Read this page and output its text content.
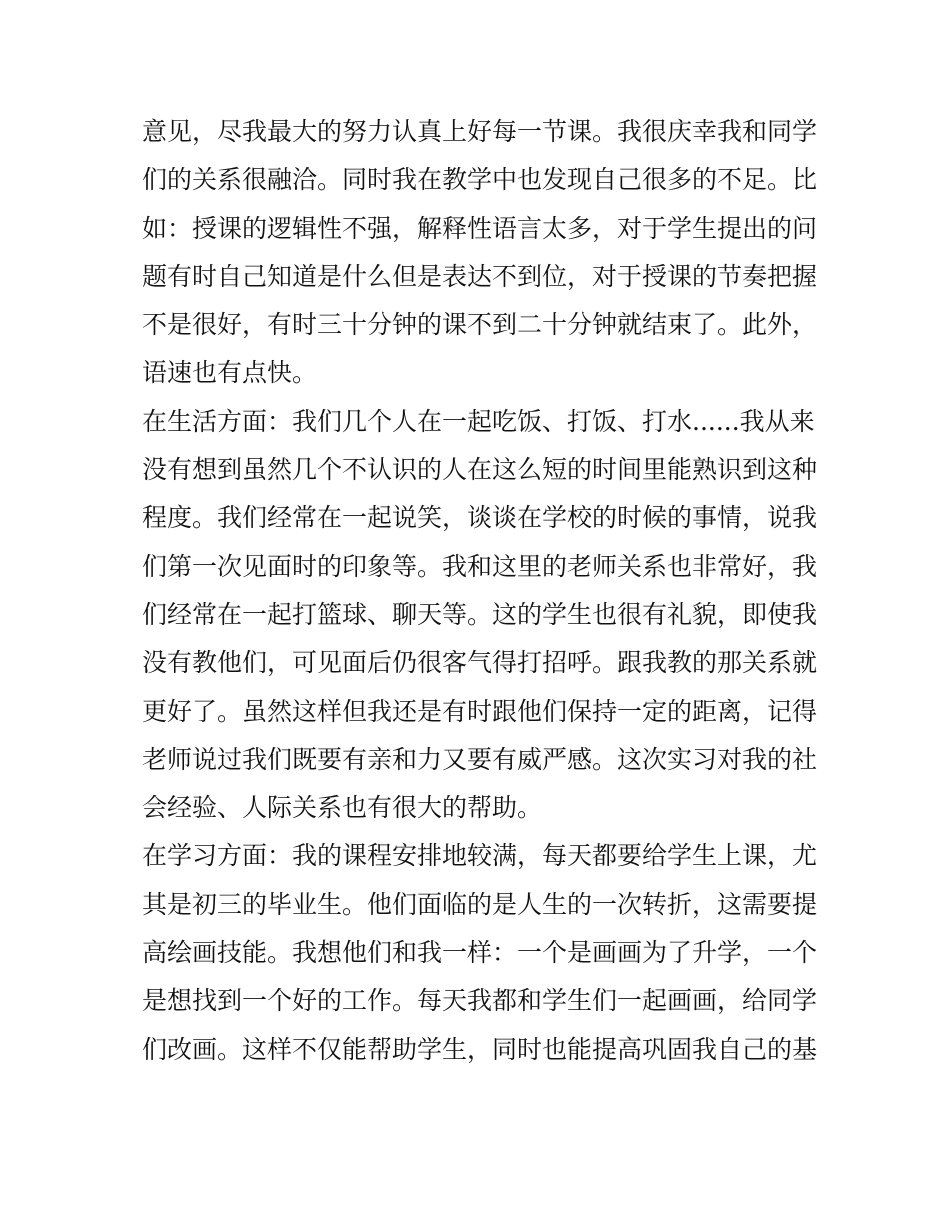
意见，尽我最大的努力认真上好每一节课。我很庆幸我和同学
们的关系很融洽。同时我在教学中也发现自己很多的不足。比
如：授课的逻辑性不强，解释性语言太多，对于学生提出的问
题有时自己知道是什么但是表达不到位，对于授课的节奏把握
不是很好，有时三十分钟的课不到二十分钟就结束了。此外，
语速也有点快。
在生活方面：我们几个人在一起吃饭、打饭、打水......我从来
没有想到虽然几个不认识的人在这么短的时间里能熟识到这种
程度。我们经常在一起说笑，谈谈在学校的时候的事情，说我
们第一次见面时的印象等。我和这里的老师关系也非常好，我
们经常在一起打篮球、聊天等。这的学生也很有礼貌，即使我
没有教他们，可见面后仍很客气得打招呼。跟我教的那关系就
更好了。虽然这样但我还是有时跟他们保持一定的距离，记得
老师说过我们既要有亲和力又要有威严感。这次实习对我的社
会经验、人际关系也有很大的帮助。
在学习方面：我的课程安排地较满，每天都要给学生上课，尤
其是初三的毕业生。他们面临的是人生的一次转折，这需要提
高绘画技能。我想他们和我一样：一个是画画为了升学，一个
是想找到一个好的工作。每天我都和学生们一起画画，给同学
们改画。这样不仅能帮助学生，同时也能提高巩固我自己的基
